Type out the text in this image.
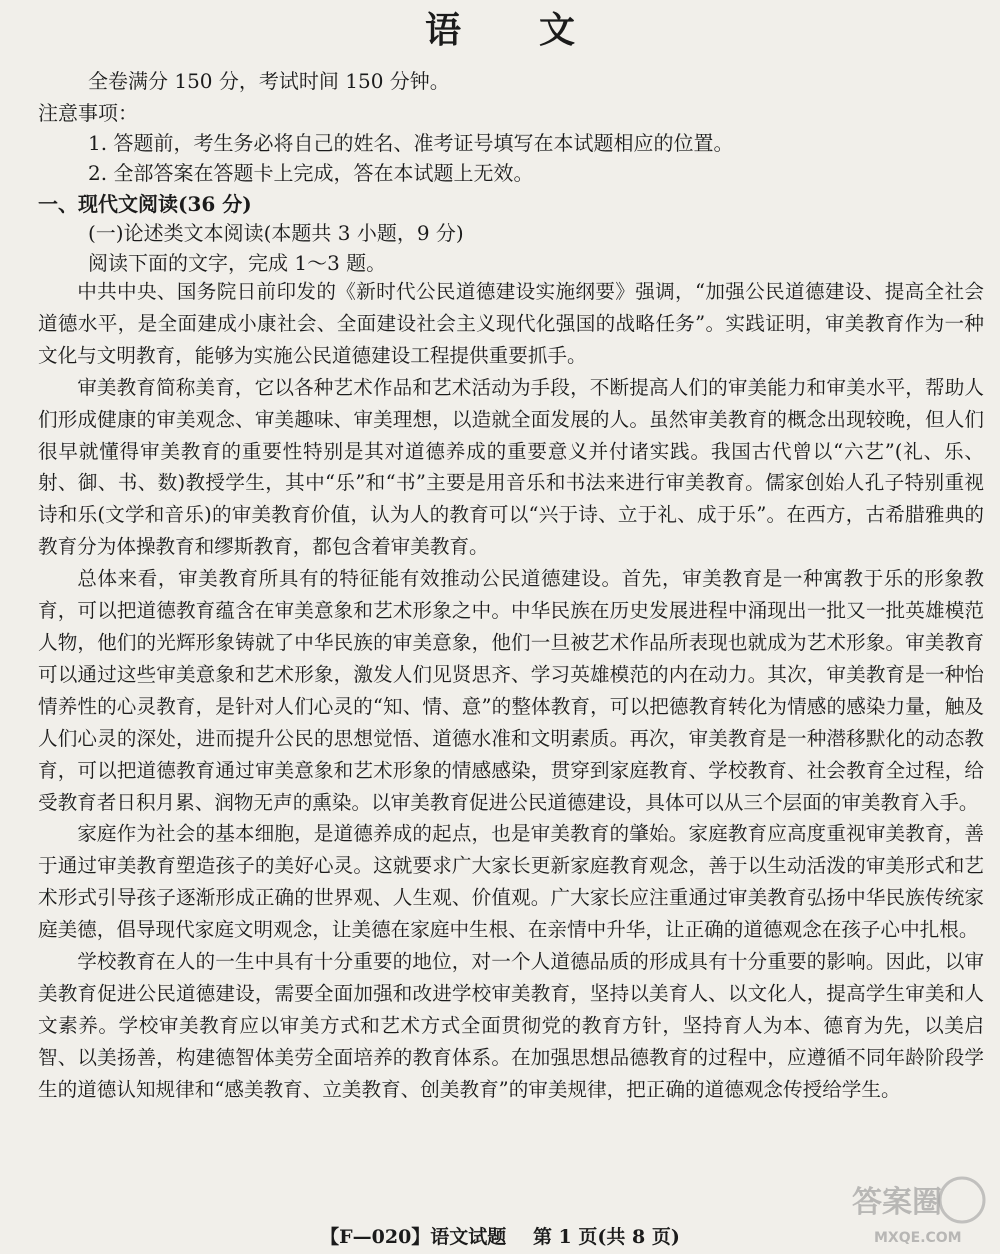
语文
全卷满分 150 分，考试时间 150 分钟。
注意事项：
1. 答题前，考生务必将自己的姓名、准考证号填写在本试题相应的位置。
2. 全部答案在答题卡上完成，答在本试题上无效。
一、现代文阅读(36 分)
(一)论述类文本阅读(本题共 3 小题，9 分)
阅读下面的文字，完成 1～3 题。

中共中央、国务院日前印发的《新时代公民道德建设实施纲要》强调，“加强公民道德建设、提高全社会道德水平，是全面建成小康社会、全面建设社会主义现代化强国的战略任务”。实践证明，审美教育作为一种文化与文明教育，能够为实施公民道德建设工程提供重要抓手。

审美教育简称美育，它以各种艺术作品和艺术活动为手段，不断提高人们的审美能力和审美水平，帮助人们形成健康的审美观念、审美趣味、审美理想，以造就全面发展的人。虽然审美教育的概念出现较晚，但人们很早就懂得审美教育的重要性特别是其对道德养成的重要意义并付诸实践。我国古代曾以“六艺”(礼、乐、射、御、书、数)教授学生，其中“乐”和“书”主要是用音乐和书法来进行审美教育。儒家创始人孔子特别重视诗和乐(文学和音乐)的审美教育价值，认为人的教育可以“兴于诗、立于礼、成于乐”。在西方，古希腊雅典的教育分为体操教育和缪斯教育，都包含着审美教育。

总体来看，审美教育所具有的特征能有效推动公民道德建设。首先，审美教育是一种寓教于乐的形象教育，可以把道德教育蕴含在审美意象和艺术形象之中。中华民族在历史发展进程中涌现出一批又一批英雄模范人物，他们的光辉形象铸就了中华民族的审美意象，他们一旦被艺术作品所表现也就成为艺术形象。审美教育可以通过这些审美意象和艺术形象，激发人们见贤思齐、学习英雄模范的内在动力。其次，审美教育是一种怡情养性的心灵教育，是针对人们心灵的“知、情、意”的整体教育，可以把德教育转化为情感的感染力量，触及人们心灵的深处，进而提升公民的思想觉悟、道德水准和文明素质。再次，审美教育是一种潜移默化的动态教育，可以把道德教育通过审美意象和艺术形象的情感感染，贯穿到家庭教育、学校教育、社会教育全过程，给受教育者日积月累、润物无声的熏染。以审美教育促进公民道德建设，具体可以从三个层面的审美教育入手。

家庭作为社会的基本细胞，是道德养成的起点，也是审美教育的肇始。家庭教育应高度重视审美教育，善于通过审美教育塑造孩子的美好心灵。这就要求广大家长更新家庭教育观念，善于以生动活泼的审美形式和艺术形式引导孩子逐渐形成正确的世界观、人生观、价值观。广大家长应注重通过审美教育弘扬中华民族传统家庭美德，倡导现代家庭文明观念，让美德在家庭中生根、在亲情中升华，让正确的道德观念在孩子心中扎根。

学校教育在人的一生中具有十分重要的地位，对一个人道德品质的形成具有十分重要的影响。因此，以审美教育促进公民道德建设，需要全面加强和改进学校审美教育，坚持以美育人、以文化人，提高学生审美和人文素养。学校审美教育应以审美方式和艺术方式全面贯彻党的教育方针，坚持育人为本、德育为先，以美启智、以美扬善，构建德智体美劳全面培养的教育体系。在加强思想品德教育的过程中，应遵循不同年龄阶段学生的道德认知规律和“感美教育、立美教育、创美教育”的审美规律，把正确的道德观念传授给学生。

【F—020】语文试题 第 1 页(共 8 页)
答案圈
MXQE.COM
